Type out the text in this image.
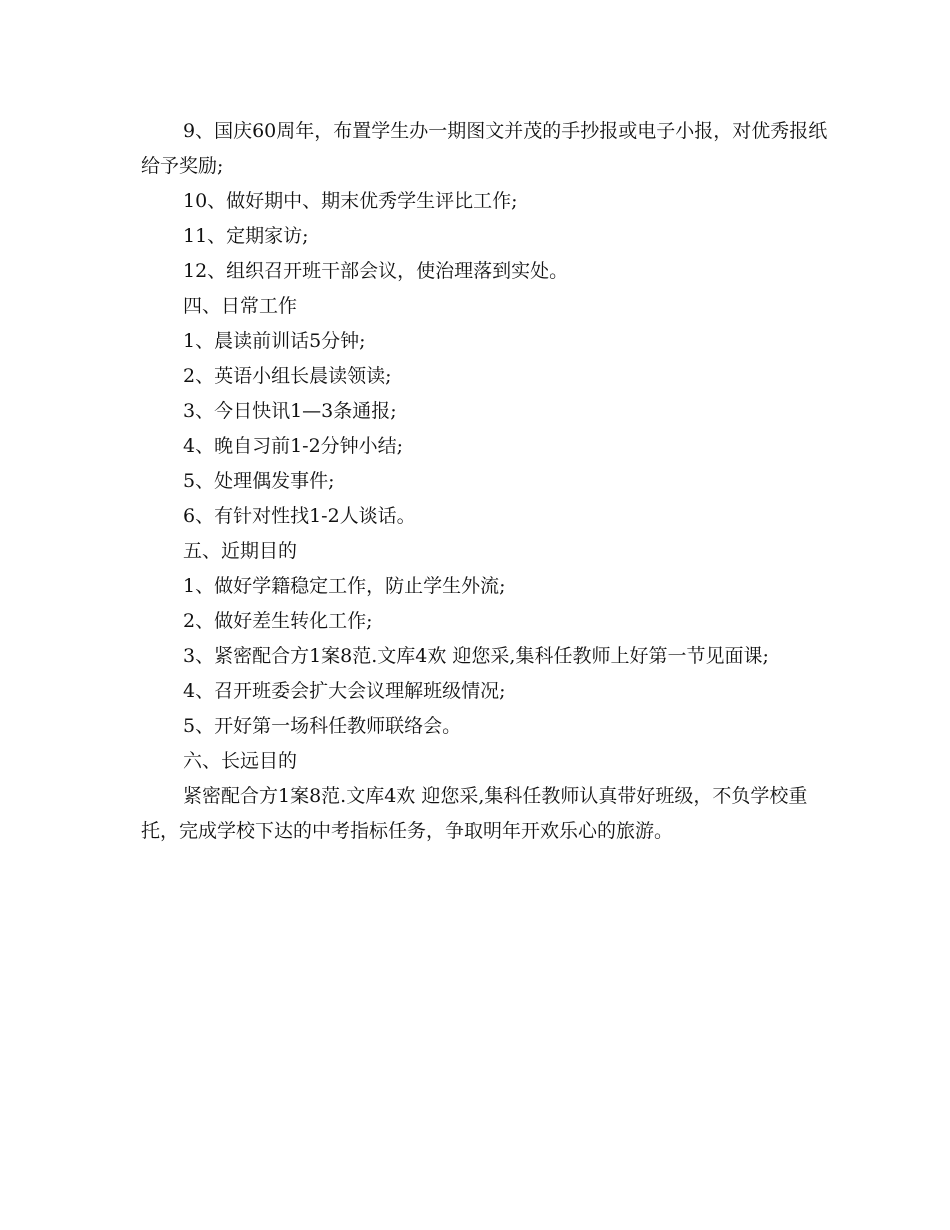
9、国庆60周年，布置学生办一期图文并茂的手抄报或电子小报，对优秀报纸给予奖励;

10、做好期中、期末优秀学生评比工作;

11、定期家访;

12、组织召开班干部会议，使治理落到实处。

四、日常工作

1、晨读前训话5分钟;

2、英语小组长晨读领读;

3、今日快讯1—3条通报;

4、晚自习前1-2分钟小结;

5、处理偶发事件;

6、有针对性找1-2人谈话。

五、近期目的

1、做好学籍稳定工作，防止学生外流;

2、做好差生转化工作;

3、紧密配合方1案8范.文库4欢 迎您采,集科任教师上好第一节见面课;

4、召开班委会扩大会议理解班级情况;

5、开好第一场科任教师联络会。

六、长远目的

紧密配合方1案8范.文库4欢 迎您采,集科任教师认真带好班级，不负学校重托，完成学校下达的中考指标任务，争取明年开欢乐心的旅游。
